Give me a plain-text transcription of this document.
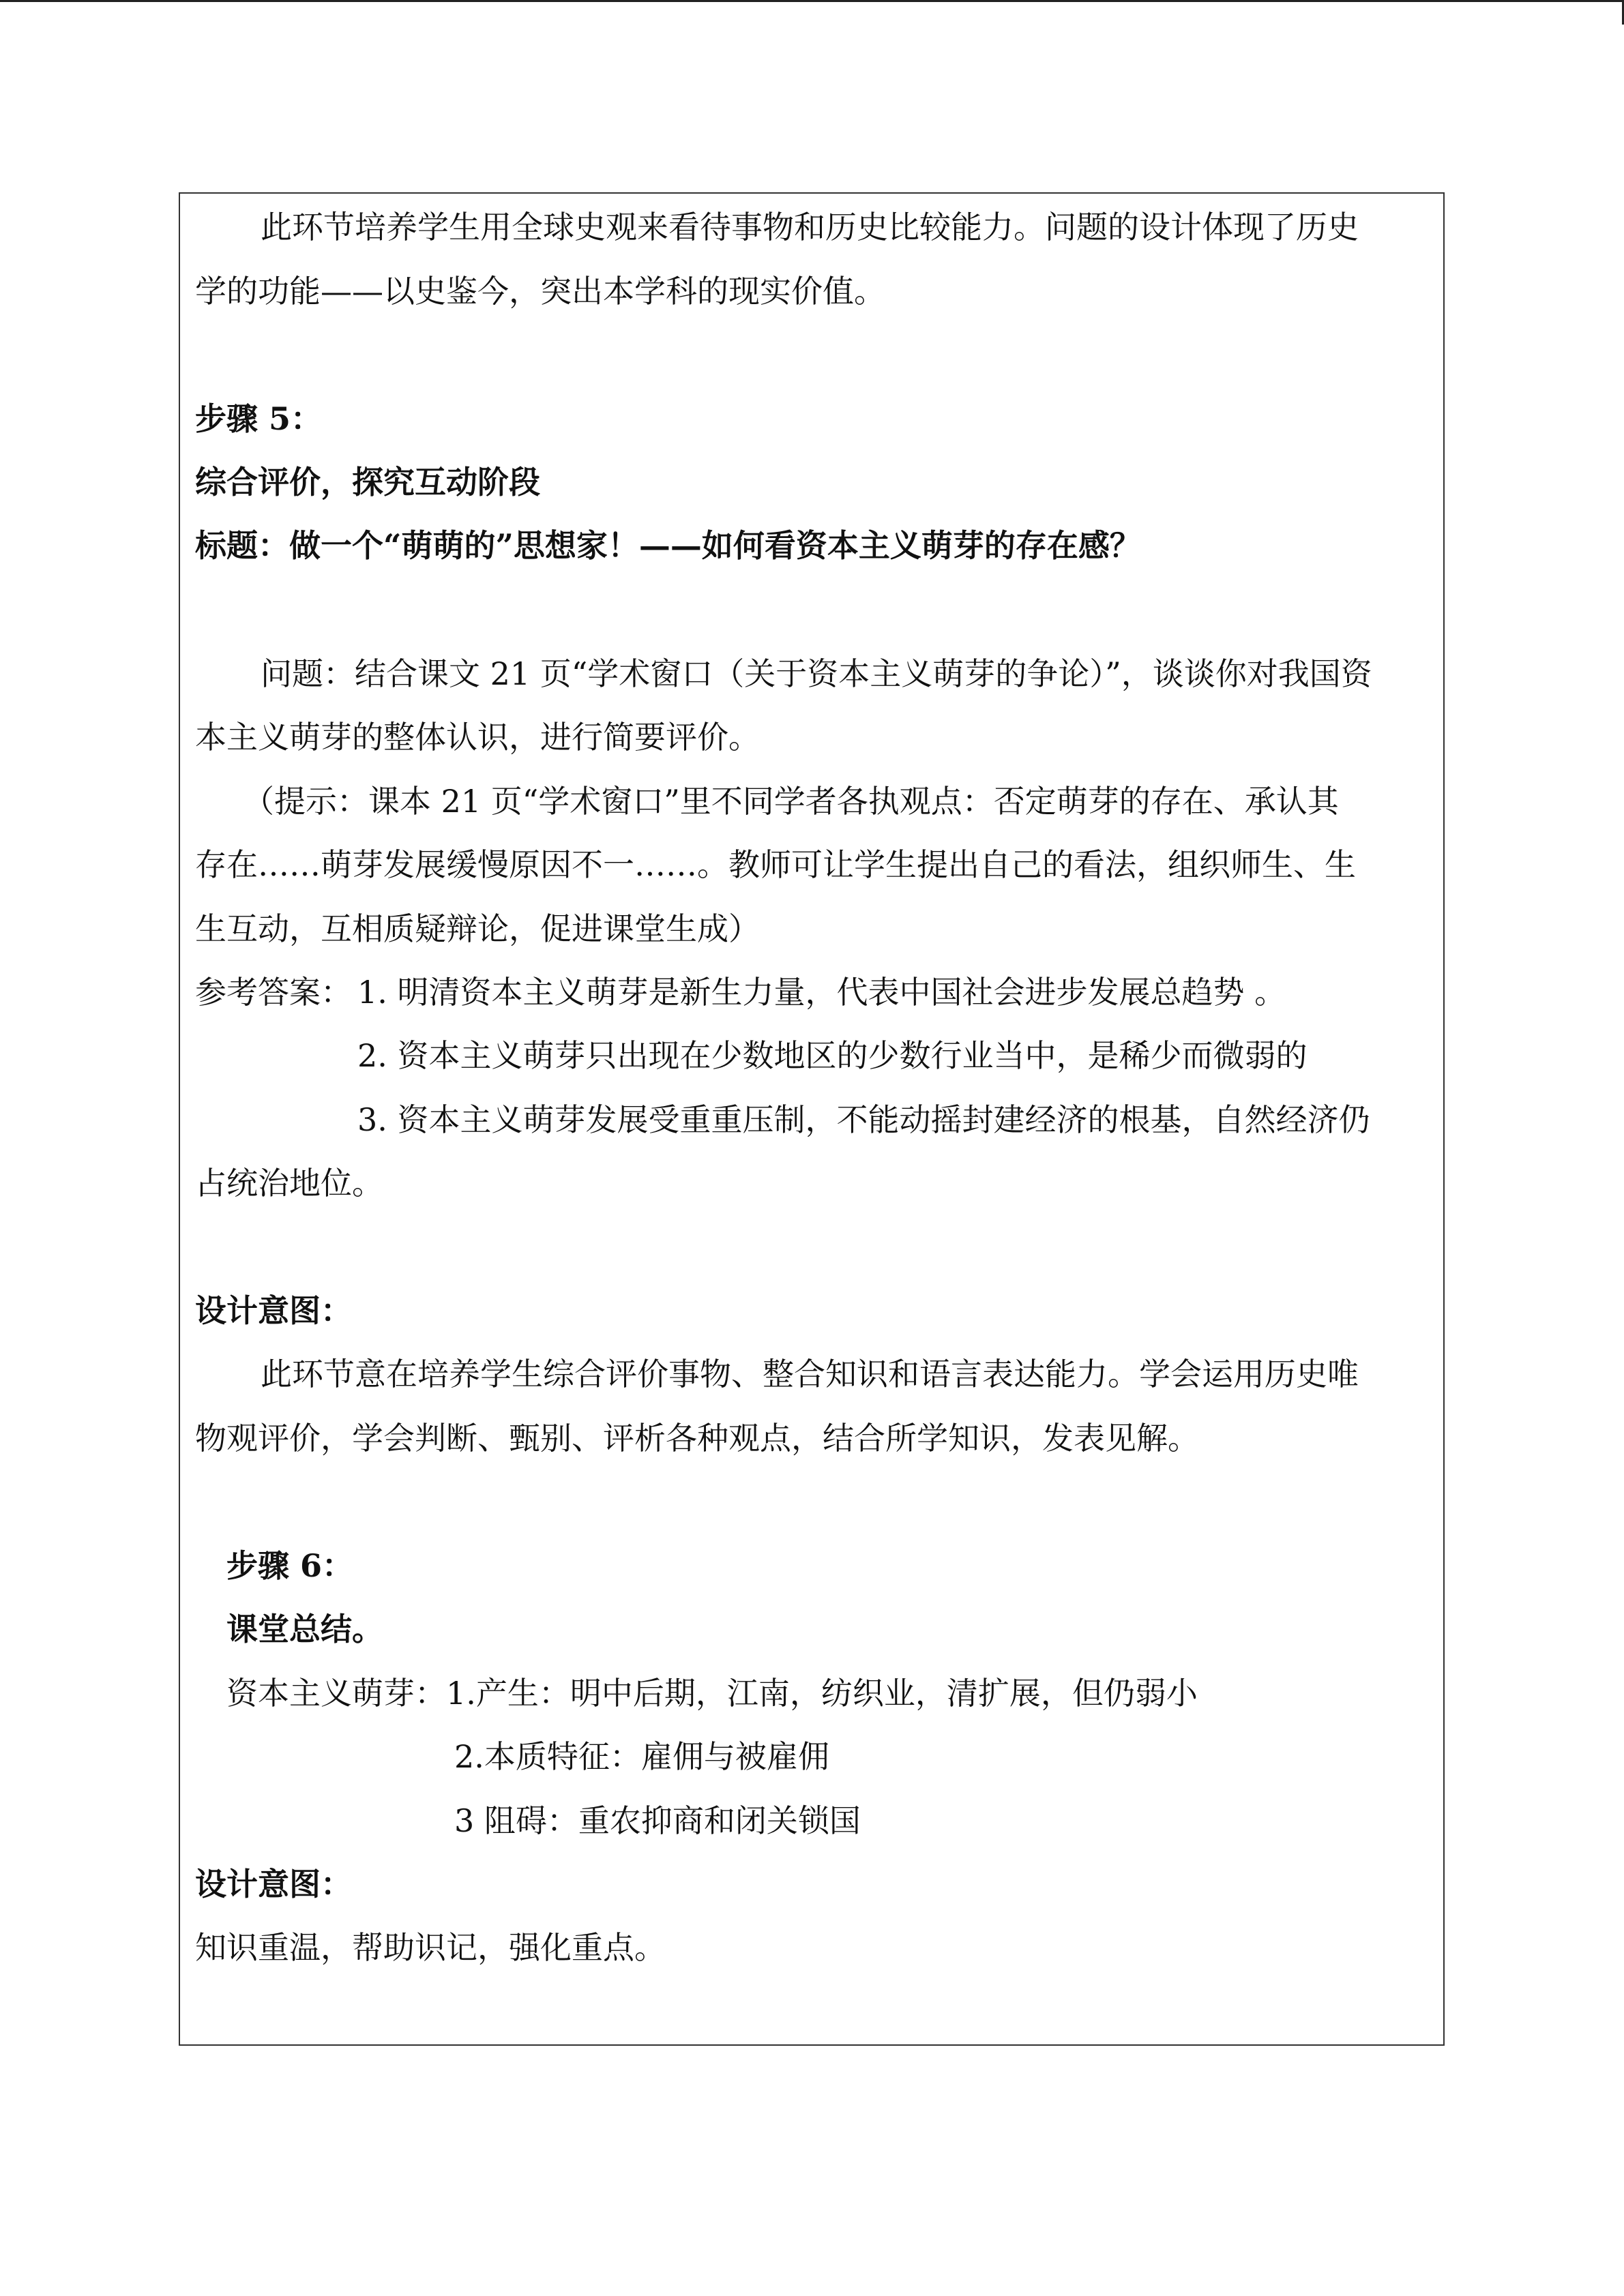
此环节培养学生用全球史观来看待事物和历史比较能力。问题的设计体现了历史
学的功能——以史鉴今，突出本学科的现实价值。
步骤 5：
综合评价，探究互动阶段
标题：做一个“萌萌的”思想家！——如何看资本主义萌芽的存在感？
问题：结合课文 21 页“学术窗口（关于资本主义萌芽的争论）”，谈谈你对我国资
本主义萌芽的整体认识，进行简要评价。
（提示：课本 21 页“学术窗口”里不同学者各执观点：否定萌芽的存在、承认其
存在……萌芽发展缓慢原因不一……。教师可让学生提出自己的看法，组织师生、生
生互动，互相质疑辩论，促进课堂生成）
参考答案： 1. 明清资本主义萌芽是新生力量，代表中国社会进步发展总趋势 。
2. 资本主义萌芽只出现在少数地区的少数行业当中，是稀少而微弱的
3. 资本主义萌芽发展受重重压制，不能动摇封建经济的根基，自然经济仍
占统治地位。
设计意图：
此环节意在培养学生综合评价事物、整合知识和语言表达能力。学会运用历史唯
物观评价，学会判断、甄别、评析各种观点，结合所学知识，发表见解。
步骤 6：
课堂总结。
资本主义萌芽：1.产生：明中后期，江南，纺织业，清扩展，但仍弱小
2.本质特征：雇佣与被雇佣
3 阻碍：重农抑商和闭关锁国
设计意图：
知识重温，帮助识记，强化重点。
